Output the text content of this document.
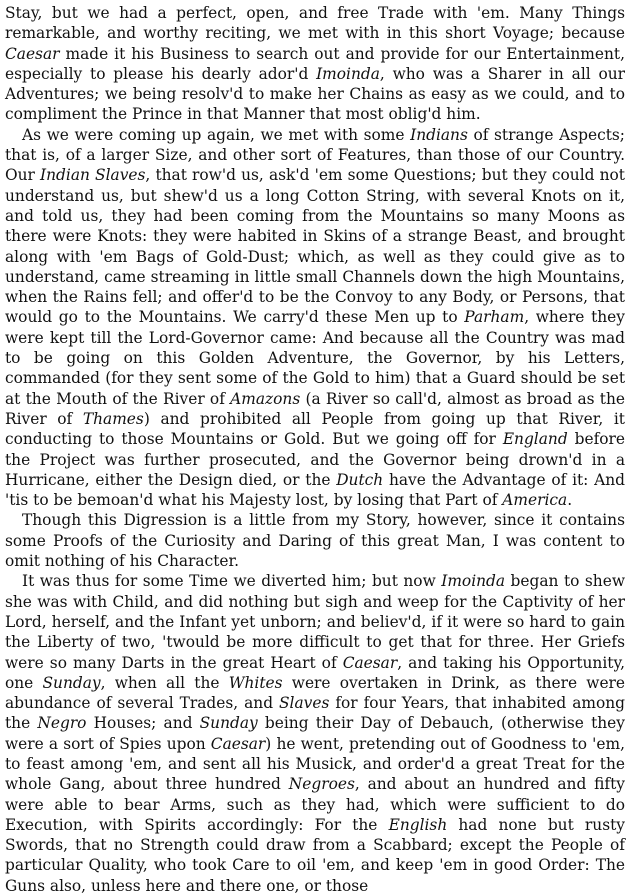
Stay, but we had a perfect, open, and free Trade with 'em. Many Things remarkable, and worthy reciting, we met with in this short Voyage; because Caesar made it his Business to search out and provide for our Entertainment, especially to please his dearly ador'd Imoinda, who was a Sharer in all our Adventures; we being resolv'd to make her Chains as easy as we could, and to compliment the Prince in that Manner that most oblig'd him.

As we were coming up again, we met with some Indians of strange Aspects; that is, of a larger Size, and other sort of Features, than those of our Country. Our Indian Slaves, that row'd us, ask'd 'em some Questions; but they could not understand us, but shew'd us a long Cotton String, with several Knots on it, and told us, they had been coming from the Mountains so many Moons as there were Knots: they were habited in Skins of a strange Beast, and brought along with 'em Bags of Gold-Dust; which, as well as they could give as to understand, came streaming in little small Channels down the high Mountains, when the Rains fell; and offer'd to be the Convoy to any Body, or Persons, that would go to the Mountains. We carry'd these Men up to Parham, where they were kept till the Lord-Governor came: And because all the Country was mad to be going on this Golden Adventure, the Governor, by his Letters, commanded (for they sent some of the Gold to him) that a Guard should be set at the Mouth of the River of Amazons (a River so call'd, almost as broad as the River of Thames) and prohibited all People from going up that River, it conducting to those Mountains or Gold. But we going off for England before the Project was further prosecuted, and the Governor being drown'd in a Hurricane, either the Design died, or the Dutch have the Advantage of it: And 'tis to be bemoan'd what his Majesty lost, by losing that Part of America.

Though this Digression is a little from my Story, however, since it contains some Proofs of the Curiosity and Daring of this great Man, I was content to omit nothing of his Character.

It was thus for some Time we diverted him; but now Imoinda began to shew she was with Child, and did nothing but sigh and weep for the Captivity of her Lord, herself, and the Infant yet unborn; and believ'd, if it were so hard to gain the Liberty of two, 'twould be more difficult to get that for three. Her Griefs were so many Darts in the great Heart of Caesar, and taking his Opportunity, one Sunday, when all the Whites were overtaken in Drink, as there were abundance of several Trades, and Slaves for four Years, that inhabited among the Negro Houses; and Sunday being their Day of Debauch, (otherwise they were a sort of Spies upon Caesar) he went, pretending out of Goodness to 'em, to feast among 'em, and sent all his Musick, and order'd a great Treat for the whole Gang, about three hundred Negroes, and about an hundred and fifty were able to bear Arms, such as they had, which were sufficient to do Execution, with Spirits accordingly: For the English had none but rusty Swords, that no Strength could draw from a Scabbard; except the People of particular Quality, who took Care to oil 'em, and keep 'em in good Order: The Guns also, unless here and there one, or those
